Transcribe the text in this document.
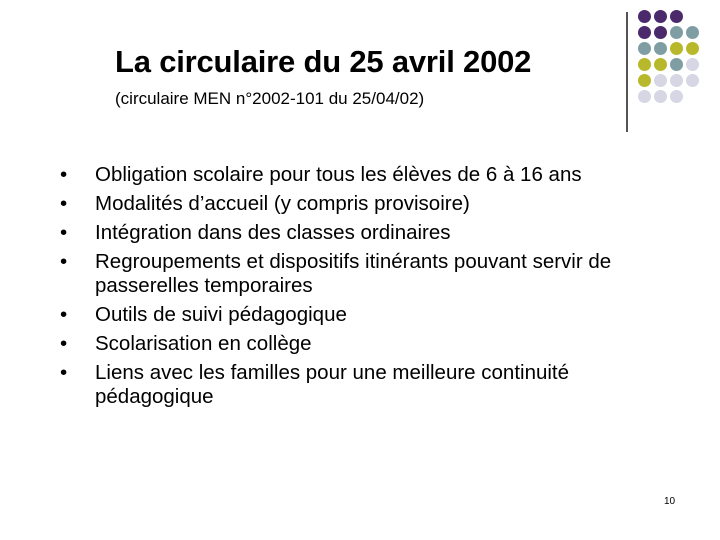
La circulaire du 25 avril 2002
(circulaire MEN n°2002-101 du 25/04/02)
• Obligation scolaire pour tous les élèves de 6 à 16 ans
• Modalités d’accueil (y compris provisoire)
• Intégration dans des classes ordinaires
• Regroupements et dispositifs itinérants pouvant servir de passerelles temporaires
• Outils de suivi pédagogique
• Scolarisation en collège
• Liens avec les familles pour une meilleure continuité pédagogique
10
